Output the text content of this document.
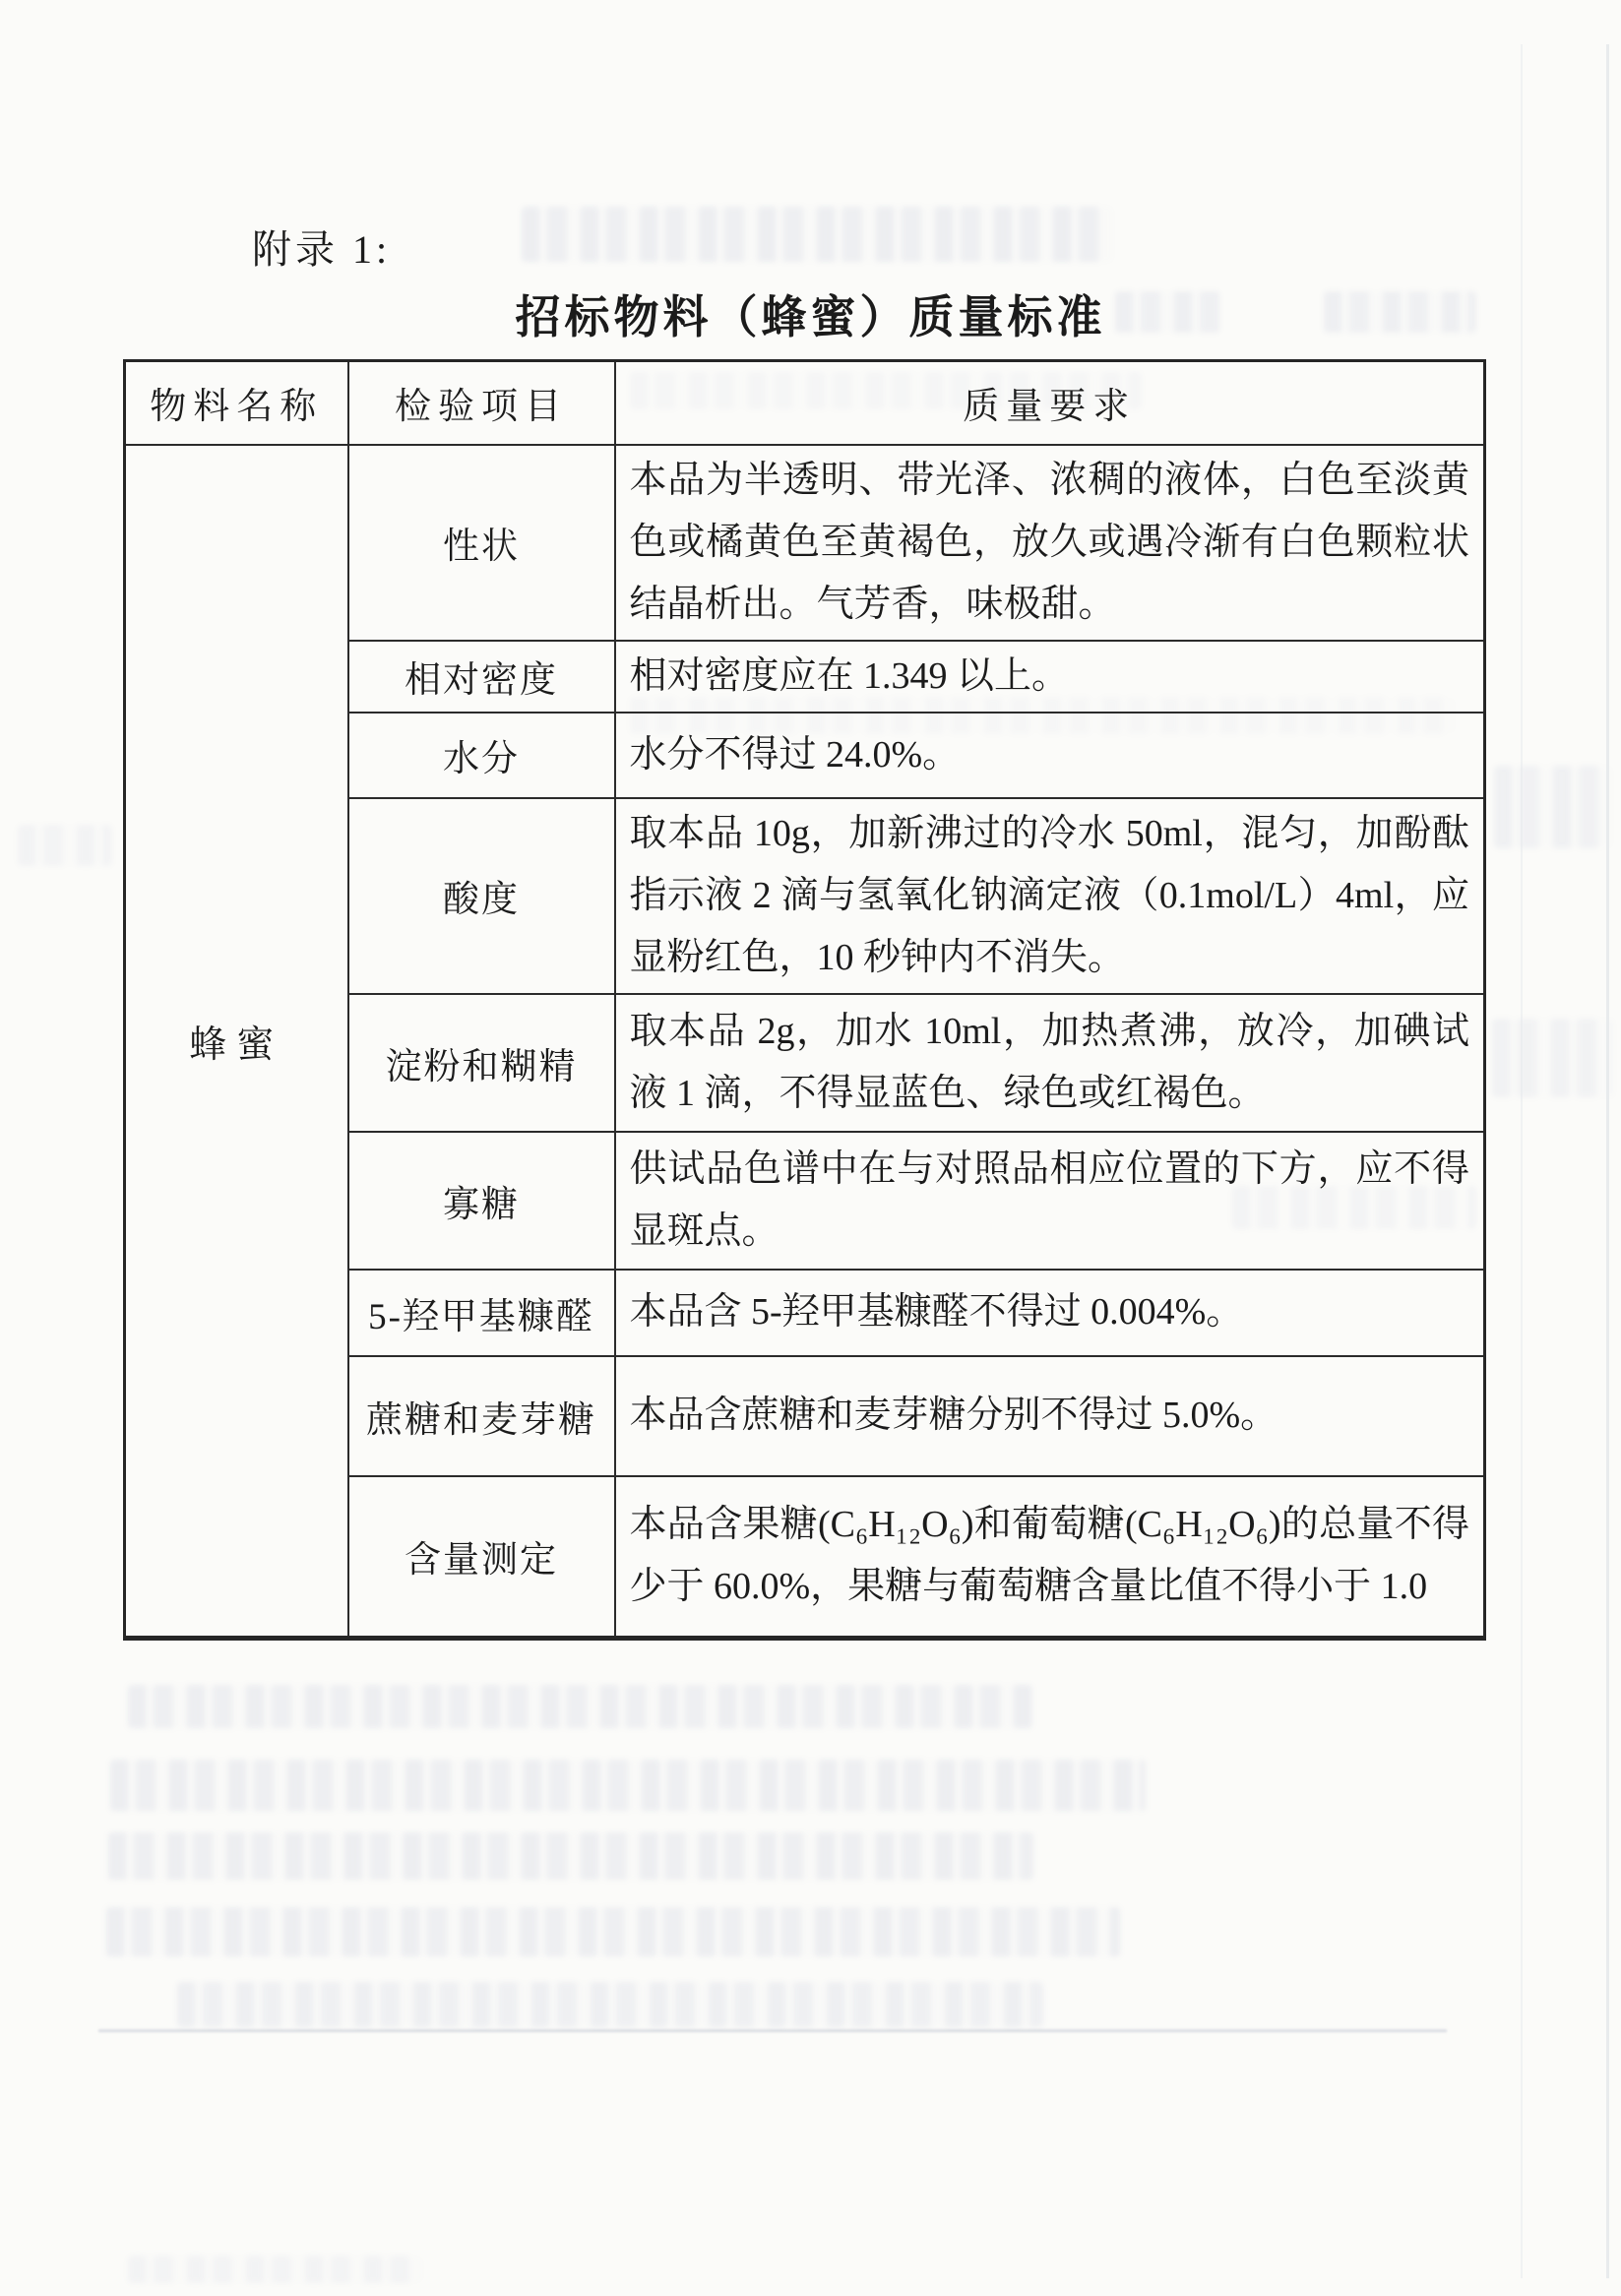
附录 1:
招标物料（蜂蜜）质量标准
物料名称	检验项目	质量要求
蜂蜜	性状	本品为半透明、带光泽、浓稠的液体，白色至淡黄色或橘黄色至黄褐色，放久或遇冷渐有白色颗粒状结晶析出。气芳香，味极甜。
	相对密度	相对密度应在 1.349 以上。
	水分	水分不得过 24.0%。
	酸度	取本品 10g，加新沸过的冷水 50ml，混匀，加酚酞指示液 2 滴与氢氧化钠滴定液（0.1mol/L）4ml，应显粉红色，10 秒钟内不消失。
	淀粉和糊精	取本品 2g，加水 10ml，加热煮沸，放冷，加碘试液 1 滴，不得显蓝色、绿色或红褐色。
	寡糖	供试品色谱中在与对照品相应位置的下方，应不得显斑点。
	5-羟甲基糠醛	本品含 5-羟甲基糠醛不得过 0.004%。
	蔗糖和麦芽糖	本品含蔗糖和麦芽糖分别不得过 5.0%。
	含量测定	本品含果糖(C₆H₁₂O₆)和葡萄糖(C₆H₁₂O₆)的总量不得少于 60.0%，果糖与葡萄糖含量比值不得小于 1.0
